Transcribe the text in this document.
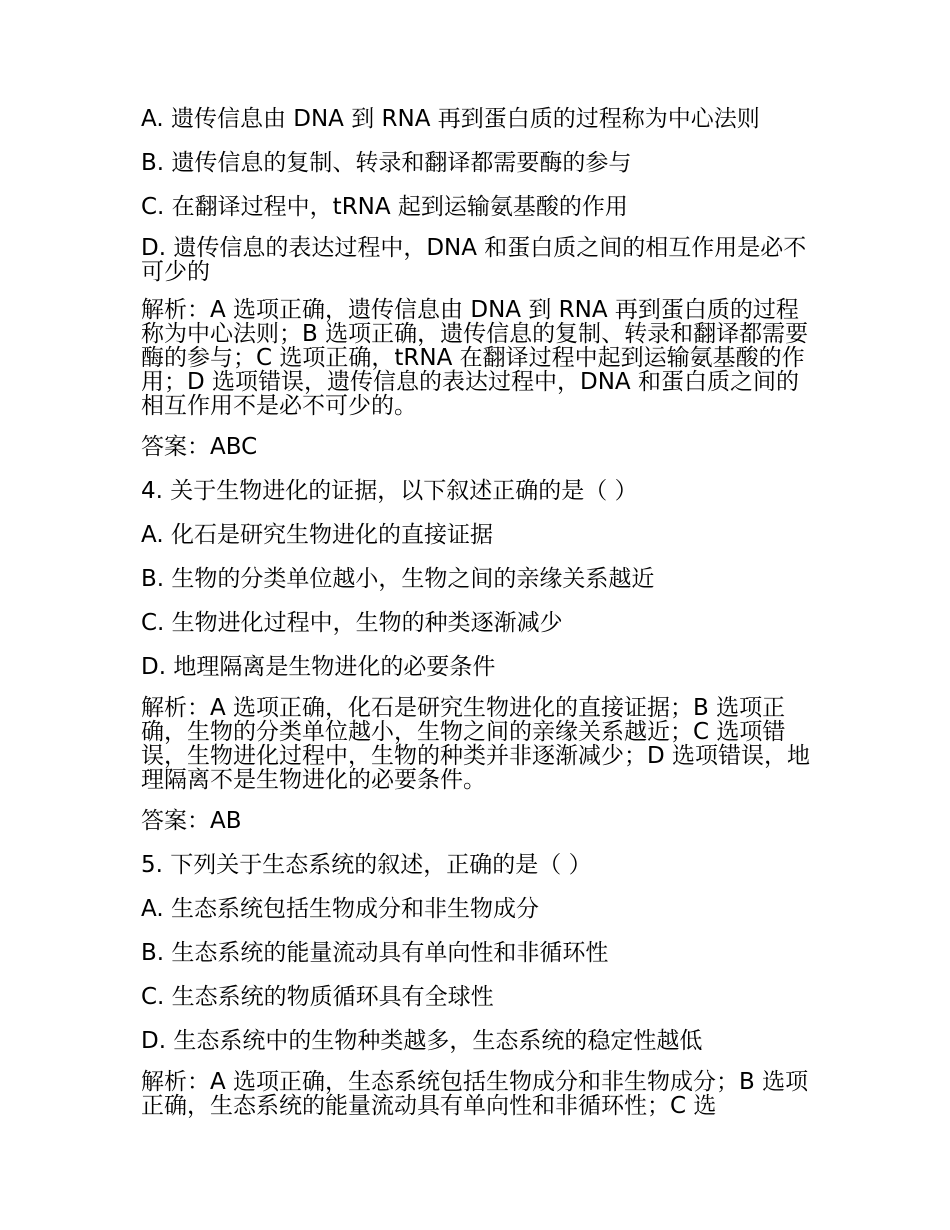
A. 遗传信息由 DNA 到 RNA 再到蛋白质的过程称为中心法则
B. 遗传信息的复制、转录和翻译都需要酶的参与
C. 在翻译过程中，tRNA 起到运输氨基酸的作用
D. 遗传信息的表达过程中，DNA 和蛋白质之间的相互作用是必不可少的
解析：A 选项正确，遗传信息由 DNA 到 RNA 再到蛋白质的过程称为中心法则；B 选项正确，遗传信息的复制、转录和翻译都需要酶的参与；C 选项正确，tRNA 在翻译过程中起到运输氨基酸的作用；D 选项错误，遗传信息的表达过程中，DNA 和蛋白质之间的相互作用不是必不可少的。
答案：ABC
4. 关于生物进化的证据，以下叙述正确的是（ ）
A. 化石是研究生物进化的直接证据
B. 生物的分类单位越小，生物之间的亲缘关系越近
C. 生物进化过程中，生物的种类逐渐减少
D. 地理隔离是生物进化的必要条件
解析：A 选项正确，化石是研究生物进化的直接证据；B 选项正确，生物的分类单位越小，生物之间的亲缘关系越近；C 选项错误，生物进化过程中，生物的种类并非逐渐减少；D 选项错误，地理隔离不是生物进化的必要条件。
答案：AB
5. 下列关于生态系统的叙述，正确的是（ ）
A. 生态系统包括生物成分和非生物成分
B. 生态系统的能量流动具有单向性和非循环性
C. 生态系统的物质循环具有全球性
D. 生态系统中的生物种类越多，生态系统的稳定性越低
解析：A 选项正确，生态系统包括生物成分和非生物成分；B 选项正确，生态系统的能量流动具有单向性和非循环性；C 选
